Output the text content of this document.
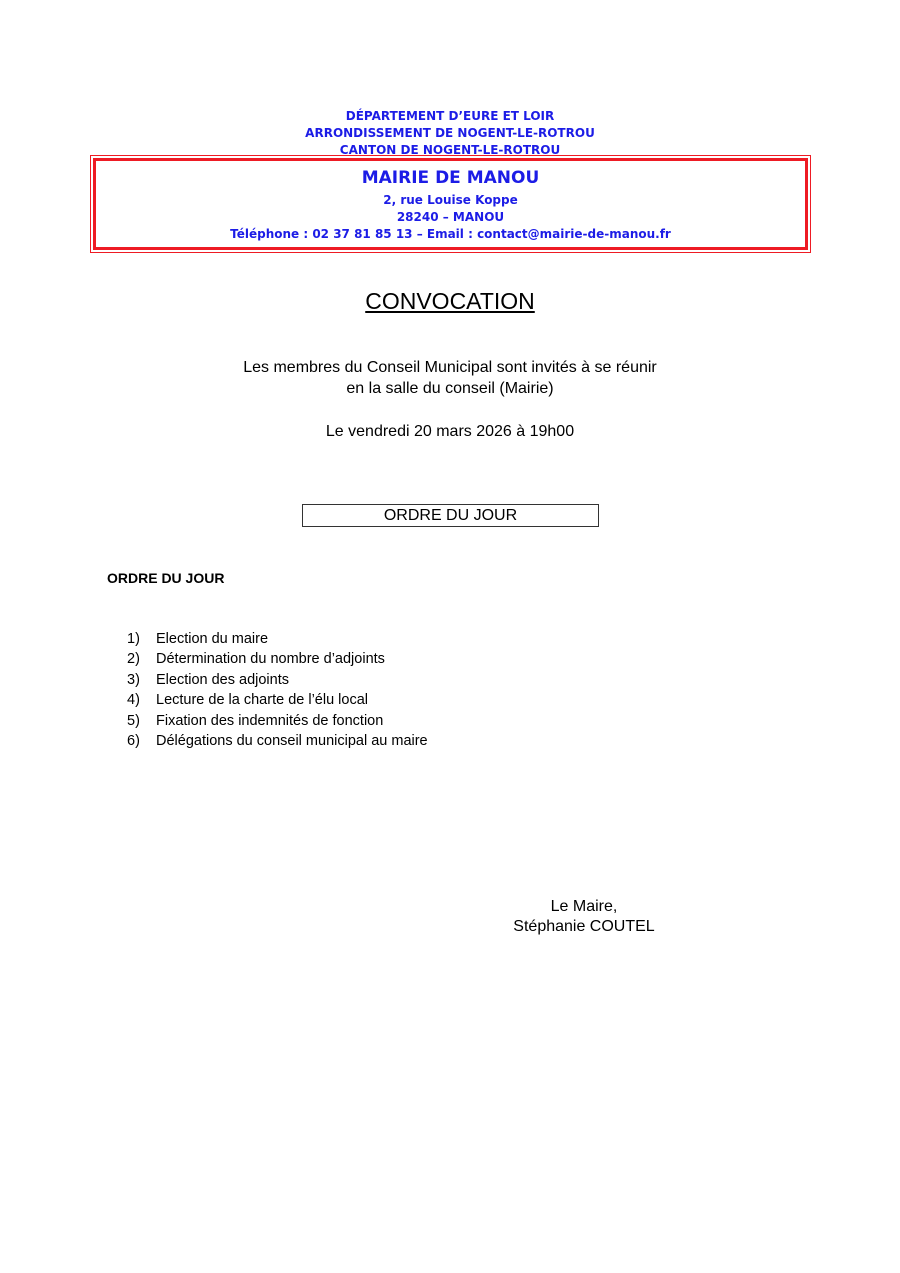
DÉPARTEMENT D’EURE ET LOIR
ARRONDISSEMENT DE NOGENT-LE-ROTROU
CANTON DE NOGENT-LE-ROTROU
MAIRIE DE MANOU
2, rue Louise Koppe
28240 – MANOU
Téléphone : 02 37 81 85 13 – Email : contact@mairie-de-manou.fr
CONVOCATION
Les membres du Conseil Municipal sont invités à se réunir
en la salle du conseil (Mairie)
Le vendredi 20 mars 2026 à 19h00
ORDRE DU JOUR
ORDRE DU JOUR
1) Election du maire
2) Détermination du nombre d’adjoints
3) Election des adjoints
4) Lecture de la charte de l’élu local
5) Fixation des indemnités de fonction
6) Délégations du conseil municipal au maire
Le Maire,
Stéphanie COUTEL
